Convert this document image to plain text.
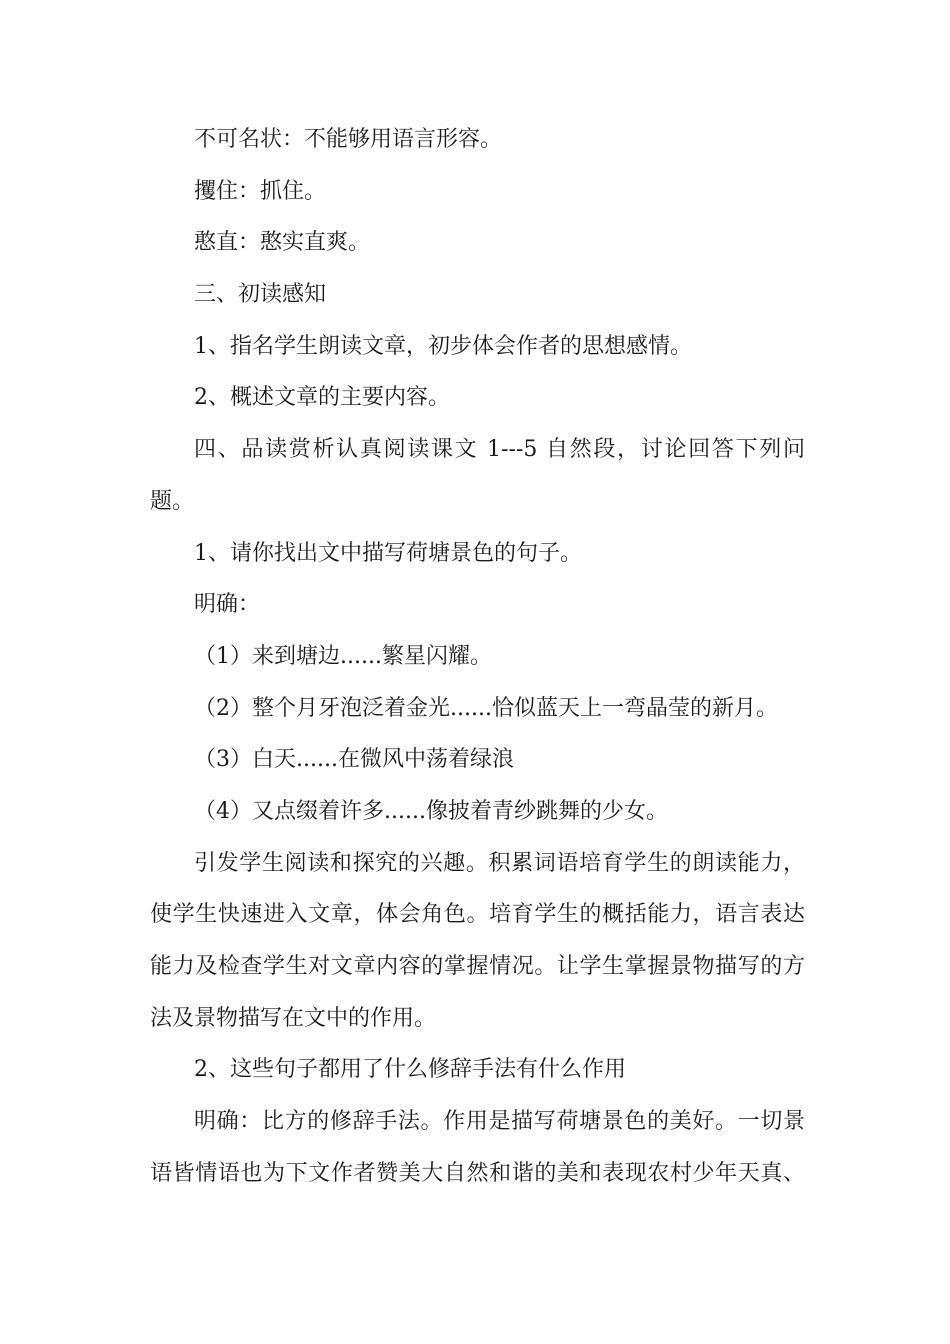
不可名状：不能够用语言形容。
攫住：抓住。
憨直：憨实直爽。
三、初读感知
1、指名学生朗读文章，初步体会作者的思想感情。
2、概述文章的主要内容。
四、品读赏析认真阅读课文 1---5 自然段，讨论回答下列问
题。
1、请你找出文中描写荷塘景色的句子。
明确：
（1）来到塘边......繁星闪耀。
（2）整个月牙泡泛着金光......恰似蓝天上一弯晶莹的新月。
（3）白天......在微风中荡着绿浪
（4）又点缀着许多......像披着青纱跳舞的少女。
引发学生阅读和探究的兴趣。积累词语培育学生的朗读能力，
使学生快速进入文章，体会角色。培育学生的概括能力，语言表达
能力及检查学生对文章内容的掌握情况。让学生掌握景物描写的方
法及景物描写在文中的作用。
2、这些句子都用了什么修辞手法有什么作用
明确：比方的修辞手法。作用是描写荷塘景色的美好。一切景
语皆情语也为下文作者赞美大自然和谐的美和表现农村少年天真、
